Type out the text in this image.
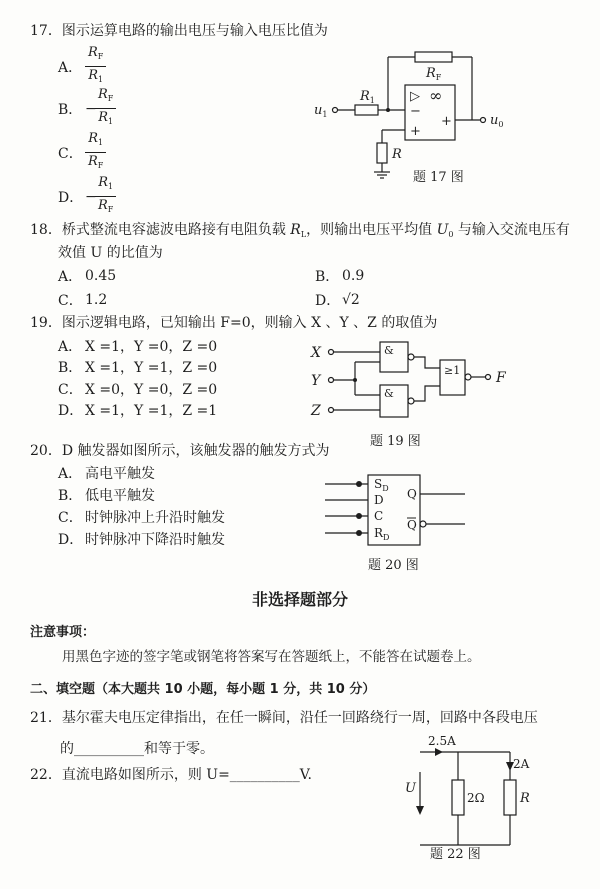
17．图示运算电路的输出电压与输入电压比值为
A． $\frac{R_F}{R_1}$
B． −
$\frac{R_F}{R_1}$
C． $\frac{R_1}{R_F}$
D． −
$\frac{R_1}{R_F}$
$u_1$
$R_1$
$R_F$
▷ ∞
−
+
+	$u_0$
R
题 17 图
18．桥式整流电容滤波电路接有电阻负载 $R_L$，则输出电压平均值 $U_0$ 与输入交流电压有
效值 U 的比值为
A． 0.45	B． 0.9
C． 1.2	D． √2
19．图示逻辑电路，已知输出 F=0，则输入 X 、Y 、Z 的取值为
A． X =1，Y =0，Z =0
B． X =1，Y =1，Z =0
C． X =0，Y =0，Z =0
D． X =1，Y =1，Z =1
X
Y
Z
&
&
≥1	F
题 19 图
20．D 触发器如图所示，该触发器的触发方式为
A． 高电平触发
B． 低电平触发
C． 时钟脉冲上升沿时触发
D． 时钟脉冲下降沿时触发
$S_D$
D
C
$R_D$
Q
Q
题 20 图
非选择题部分
注意事项：
用黑色字迹的签字笔或钢笔将答案写在答题纸上，不能答在试题卷上。
二、填空题（本大题共 10 小题，每小题 1 分，共 10 分）
21．基尔霍夫电压定律指出，在任一瞬间，沿任一回路绕行一周，回路中各段电压
的__________和等于零。
22．直流电路如图所示，则 U=__________V.
2.5A
2A
U
2Ω	R
题 22 图
